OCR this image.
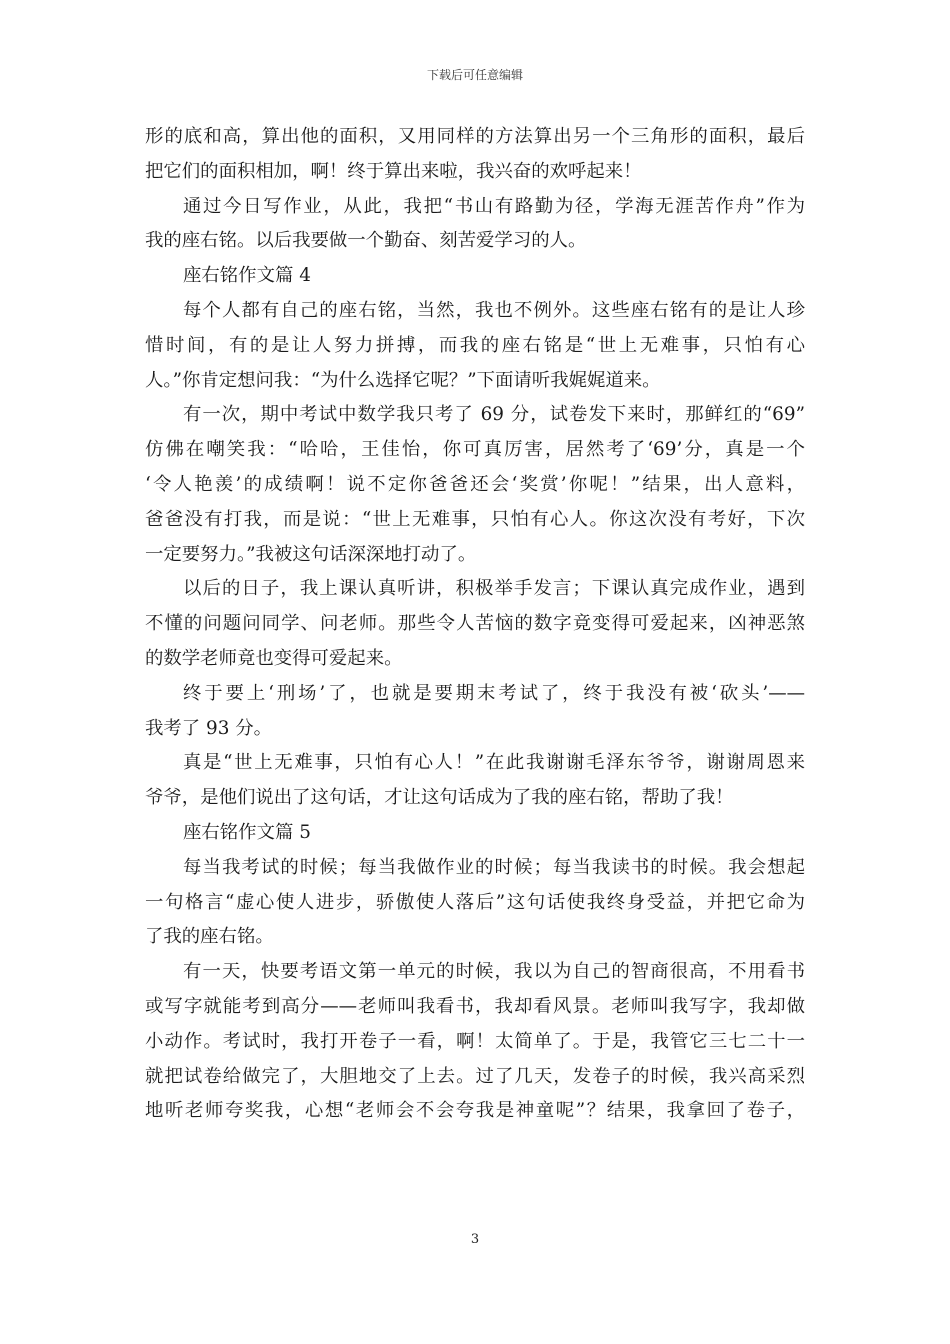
下载后可任意编辑
形的底和高，算出他的面积，又用同样的方法算出另一个三角形的面积，最后
把它们的面积相加，啊！终于算出来啦，我兴奋的欢呼起来！
通过今日写作业，从此，我把“书山有路勤为径，学海无涯苦作舟”作为
我的座右铭。以后我要做一个勤奋、刻苦爱学习的人。
座右铭作文篇 4
每个人都有自己的座右铭，当然，我也不例外。这些座右铭有的是让人珍
惜时间，有的是让人努力拼搏，而我的座右铭是“世上无难事，只怕有心
人。”你肯定想问我：“为什么选择它呢？”下面请听我娓娓道来。
有一次，期中考试中数学我只考了 69 分，试卷发下来时，那鲜红的“69”
仿佛在嘲笑我：“哈哈，王佳怡，你可真厉害，居然考了‘69’分，真是一个
‘令人艳羡’的成绩啊！说不定你爸爸还会‘奖赏’你呢！”结果，出人意料，
爸爸没有打我，而是说：“世上无难事，只怕有心人。你这次没有考好，下次
一定要努力。”我被这句话深深地打动了。
以后的日子，我上课认真听讲，积极举手发言；下课认真完成作业，遇到
不懂的问题问同学、问老师。那些令人苦恼的数字竟变得可爱起来，凶神恶煞
的数学老师竟也变得可爱起来。
终于要上‘刑场’了，也就是要期末考试了，终于我没有被‘砍头’——
我考了 93 分。
真是“世上无难事，只怕有心人！”在此我谢谢毛泽东爷爷，谢谢周恩来
爷爷，是他们说出了这句话，才让这句话成为了我的座右铭，帮助了我！
座右铭作文篇 5
每当我考试的时候；每当我做作业的时候；每当我读书的时候。我会想起
一句格言“虚心使人进步，骄傲使人落后”这句话使我终身受益，并把它命为
了我的座右铭。
有一天，快要考语文第一单元的时候，我以为自己的智商很高，不用看书
或写字就能考到高分——老师叫我看书，我却看风景。老师叫我写字，我却做
小动作。考试时，我打开卷子一看，啊！太简单了。于是，我管它三七二十一
就把试卷给做完了，大胆地交了上去。过了几天，发卷子的时候，我兴高采烈
地听老师夸奖我，心想“老师会不会夸我是神童呢”？结果，我拿回了卷子，
3
